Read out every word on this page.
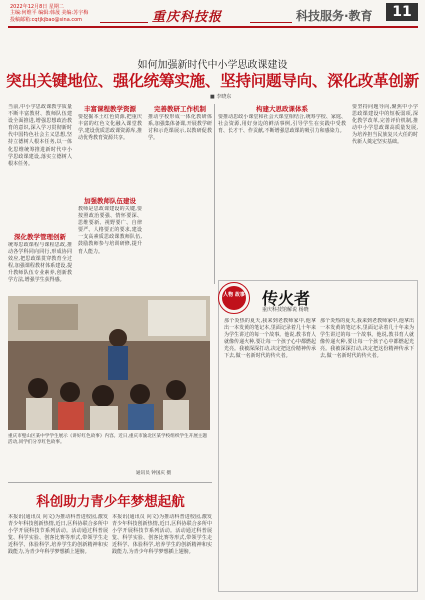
2022年12月8日 星期二
主编:何维平 编辑:韩晟 美编:苏宇梅
投稿邮箱:cqtjkjbao@sina.com	重庆科技报	科技服务·教育	11
如何加强新时代中小学思政课建设
突出关键地位、强化统筹实施、坚持问题导向、深化改革创新
■ 李晓东
当前,中小学思政课教学质量不断丰富教材、教师队伍建设全面推进,增强思想政治教育的意识,深入学习贯彻新时代中国特色社会主义思想,坚持立德树人根本任务,以一体化思维统筹推进新时代中小学思政课建设,落实立德树人根本任务。
深化教学管理创新
统筹思政课程与课程思政,推动各学科同向同行,形成协同效应,把思政课贯穿教育全过程,加强课程教材体系建设,提升教师队伍专业素养,创新教学方法,增强学生获得感。
丰富课程教学资源
要挖掘本土红色资源,把重庆丰富的红色文化融入课堂教学,建设优质思政课资源库,推动优秀教育资源共享。
加强教师队伍建设
教师是思政课建设的关键,要按照政治要强、情怀要深、思维要新、视野要广、自律要严、人格要正的要求,建设一支高素质思政课教师队伍,鼓励教师参与培训研修,提升育人能力。
完善教研工作机制
推动学校形成一体化教研体系,加强集体备课,开展教学研讨和示范课展示,以教研促教学。
构建大思政课体系
要推动思政小课堂和社会大课堂相结合,统筹学校、家庭、社会资源,用好身边的鲜活事例,引导学生在实践中受教育、长才干、作贡献,不断增强思政课的吸引力和感染力。
要坚持问题导向,聚焦中小学思政课建设中的短板弱项,深化教学改革,完善评价机制,推动中小学思政课高质量发展,为培养担当民族复兴大任的时代新人奠定坚实基础。
重庆市璧山区某中学学生展示《讲好红色故事》内容。近日,重庆市渝北区某学校组织学生开展主题活动,同学们分享红色故事。
通讯员 钟国庆 摄
科创助力青少年梦想起航
本报讯(通讯员 向文)为推动科普进校园,激发青少年科技创新热情,近日,区科协联合多所中小学开展科技节系列活动。活动通过科普展览、科学实验、创客比赛等形式,带领学生走近科学、体验科学,培养学生的创新精神和实践能力,为青少年科学梦想插上翅膀。
本报讯(通讯员 向文)为推动科普进校园,激发青少年科技创新热情,近日,区科协联合多所中小学开展科技节系列活动。活动通过科普展览、科学实验、创客比赛等形式,带领学生走近科学、体验科学,培养学生的创新精神和实践能力,为青少年科学梦想插上翅膀。
人物 故事 传火者
重庆科技馆解说 杨晓
那个炎热的夏天,我来到老教师家中,他拿出一本发黄的笔记本,里面记录着几十年来为学生讲过的每一个故事。他说,教书育人就像传递火种,要让每一个孩子心中都燃起光亮。我被深深打动,决定把这份精神传承下去,做一名新时代的传火者。
那个炎热的夏天,我来到老教师家中,他拿出一本发黄的笔记本,里面记录着几十年来为学生讲过的每一个故事。他说,教书育人就像传递火种,要让每一个孩子心中都燃起光亮。我被深深打动,决定把这份精神传承下去,做一名新时代的传火者。
